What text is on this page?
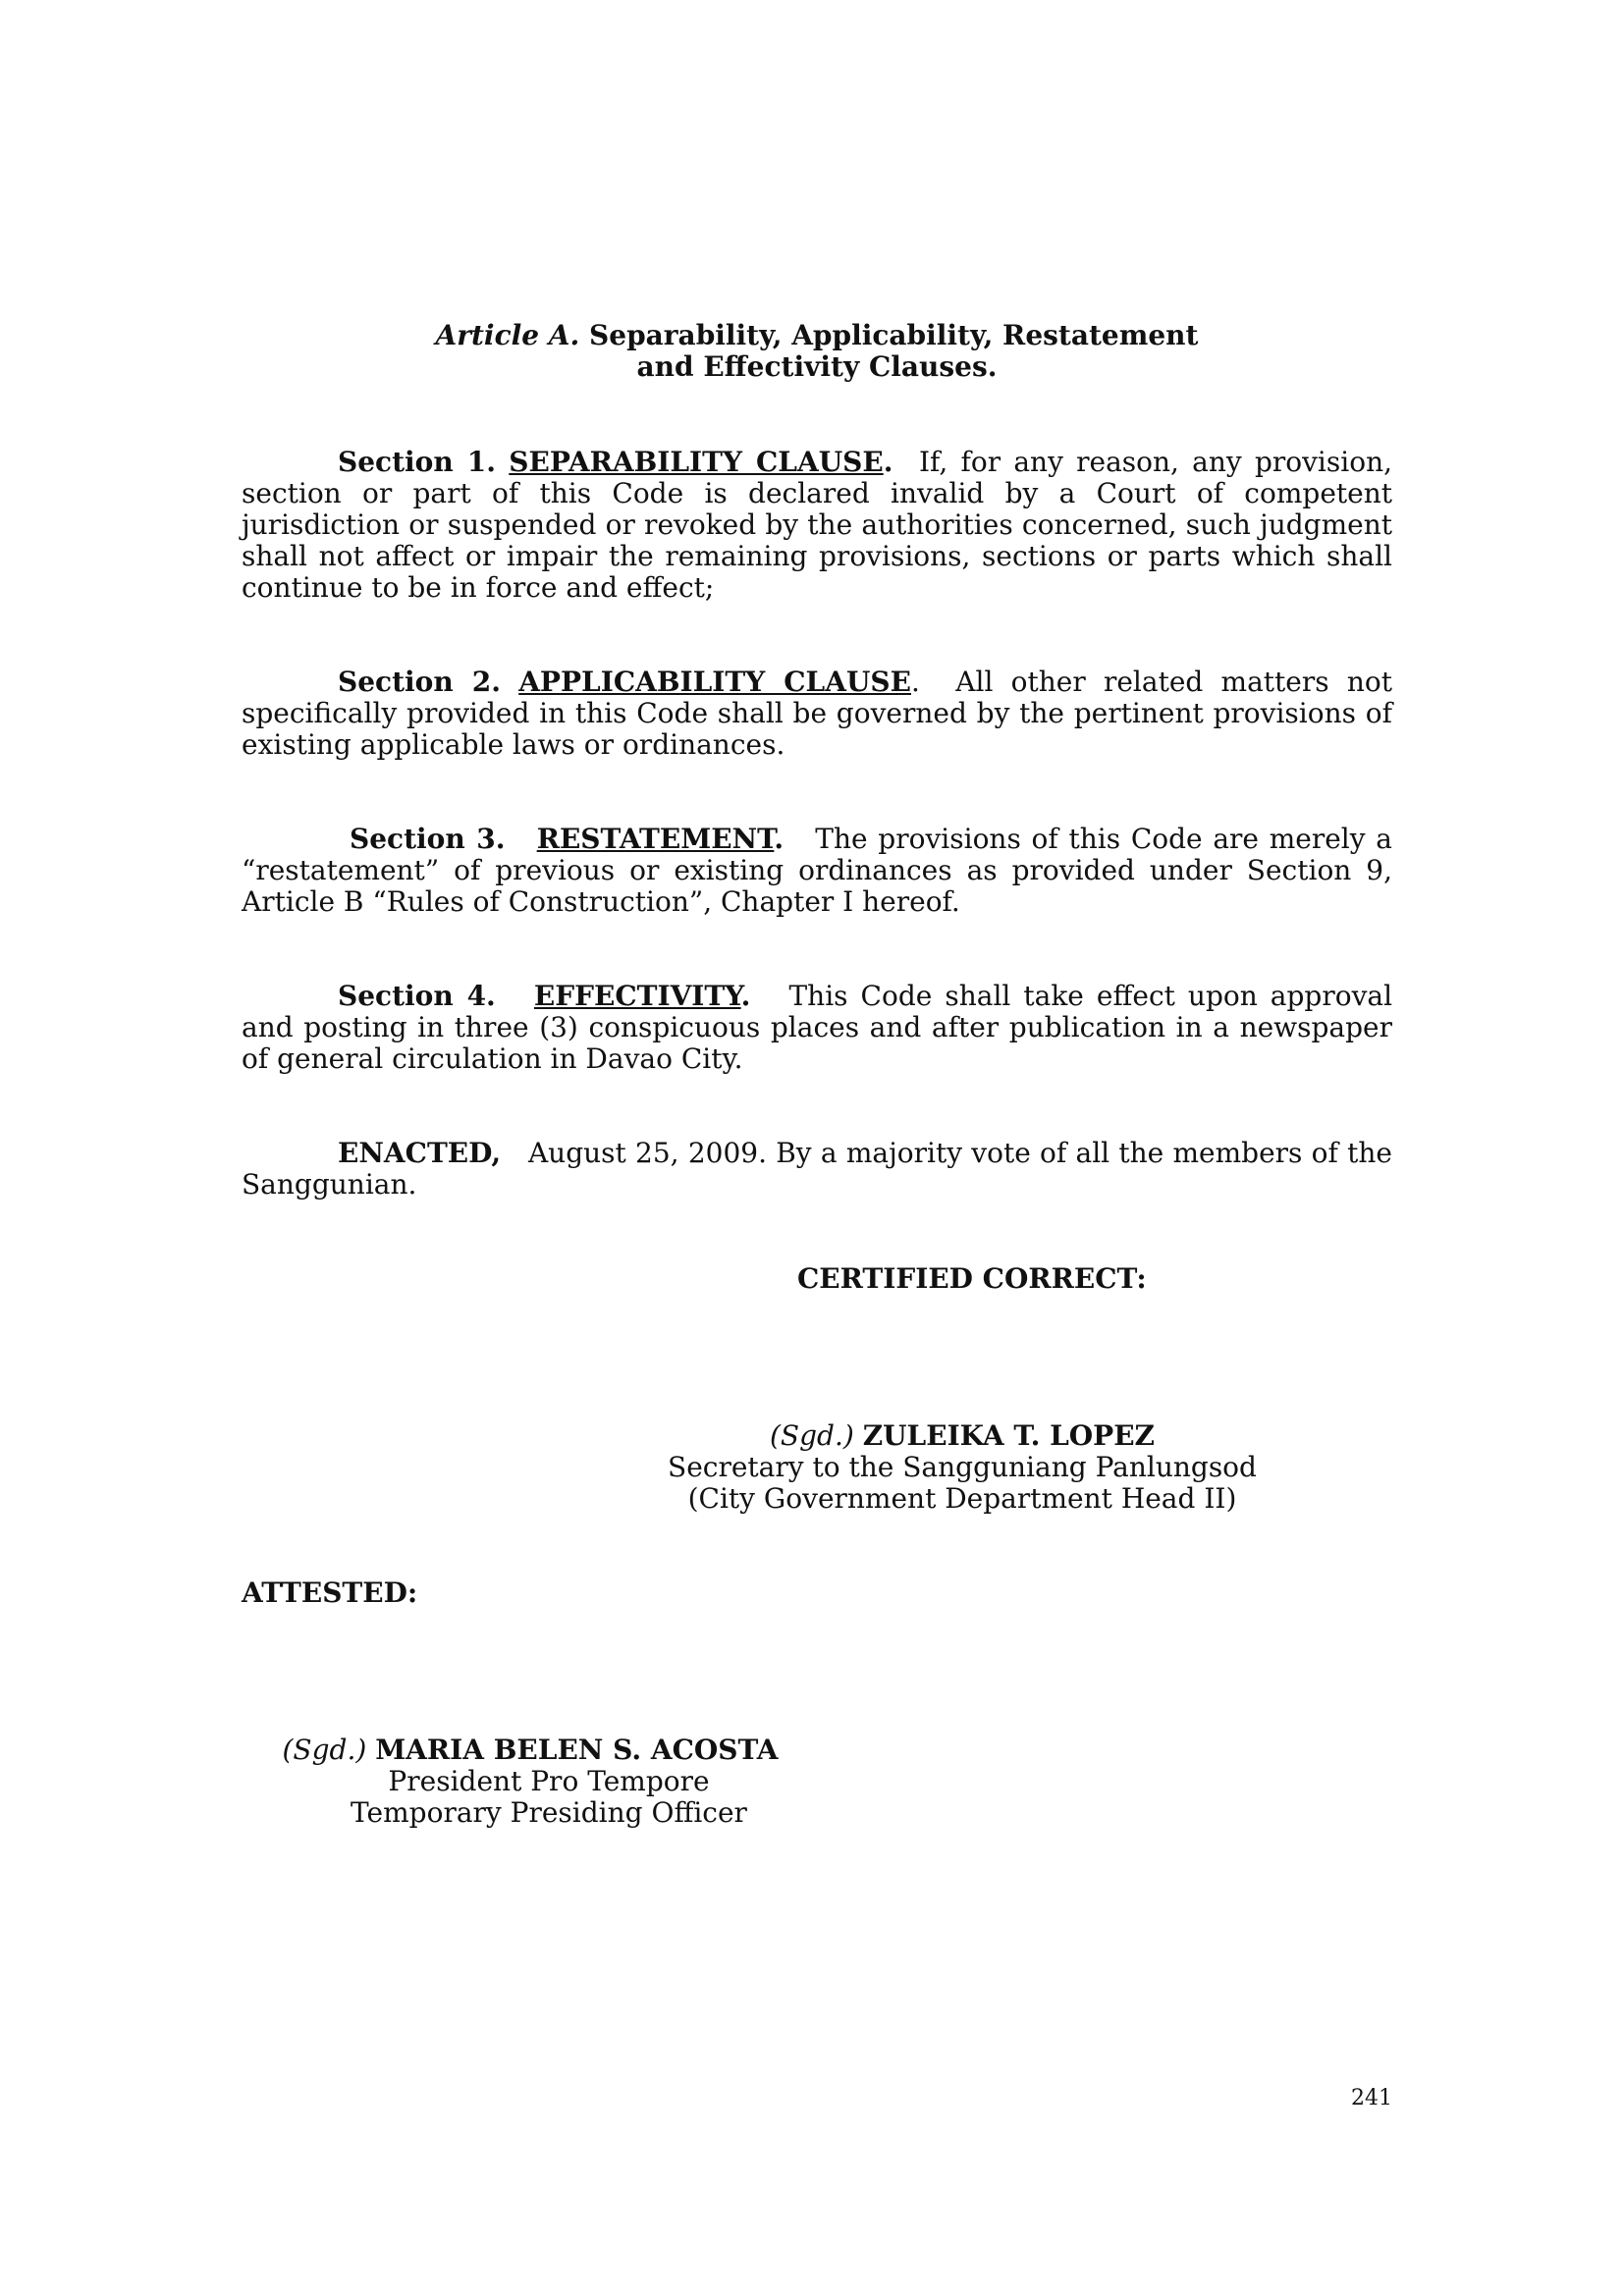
Article A. Separability, Applicability, Restatement
and Effectivity Clauses.
Section 1. SEPARABILITY CLAUSE. If, for any reason, any provision, section or part of this Code is declared invalid by a Court of competent jurisdiction or suspended or revoked by the authorities concerned, such judgment shall not affect or impair the remaining provisions, sections or parts which shall continue to be in force and effect;
Section 2. APPLICABILITY CLAUSE. All other related matters not specifically provided in this Code shall be governed by the pertinent provisions of existing applicable laws or ordinances.
Section 3. RESTATEMENT. The provisions of this Code are merely a “restatement” of previous or existing ordinances as provided under Section 9, Article B “Rules of Construction”, Chapter I hereof.
Section 4. EFFECTIVITY. This Code shall take effect upon approval and posting in three (3) conspicuous places and after publication in a newspaper of general circulation in Davao City.
ENACTED, August 25, 2009. By a majority vote of all the members of the Sanggunian.
CERTIFIED CORRECT:
(Sgd.) ZULEIKA T. LOPEZ
Secretary to the Sangguniang Panlungsod
(City Government Department Head II)
ATTESTED:
(Sgd.) MARIA BELEN S. ACOSTA
President Pro Tempore
Temporary Presiding Officer
241
